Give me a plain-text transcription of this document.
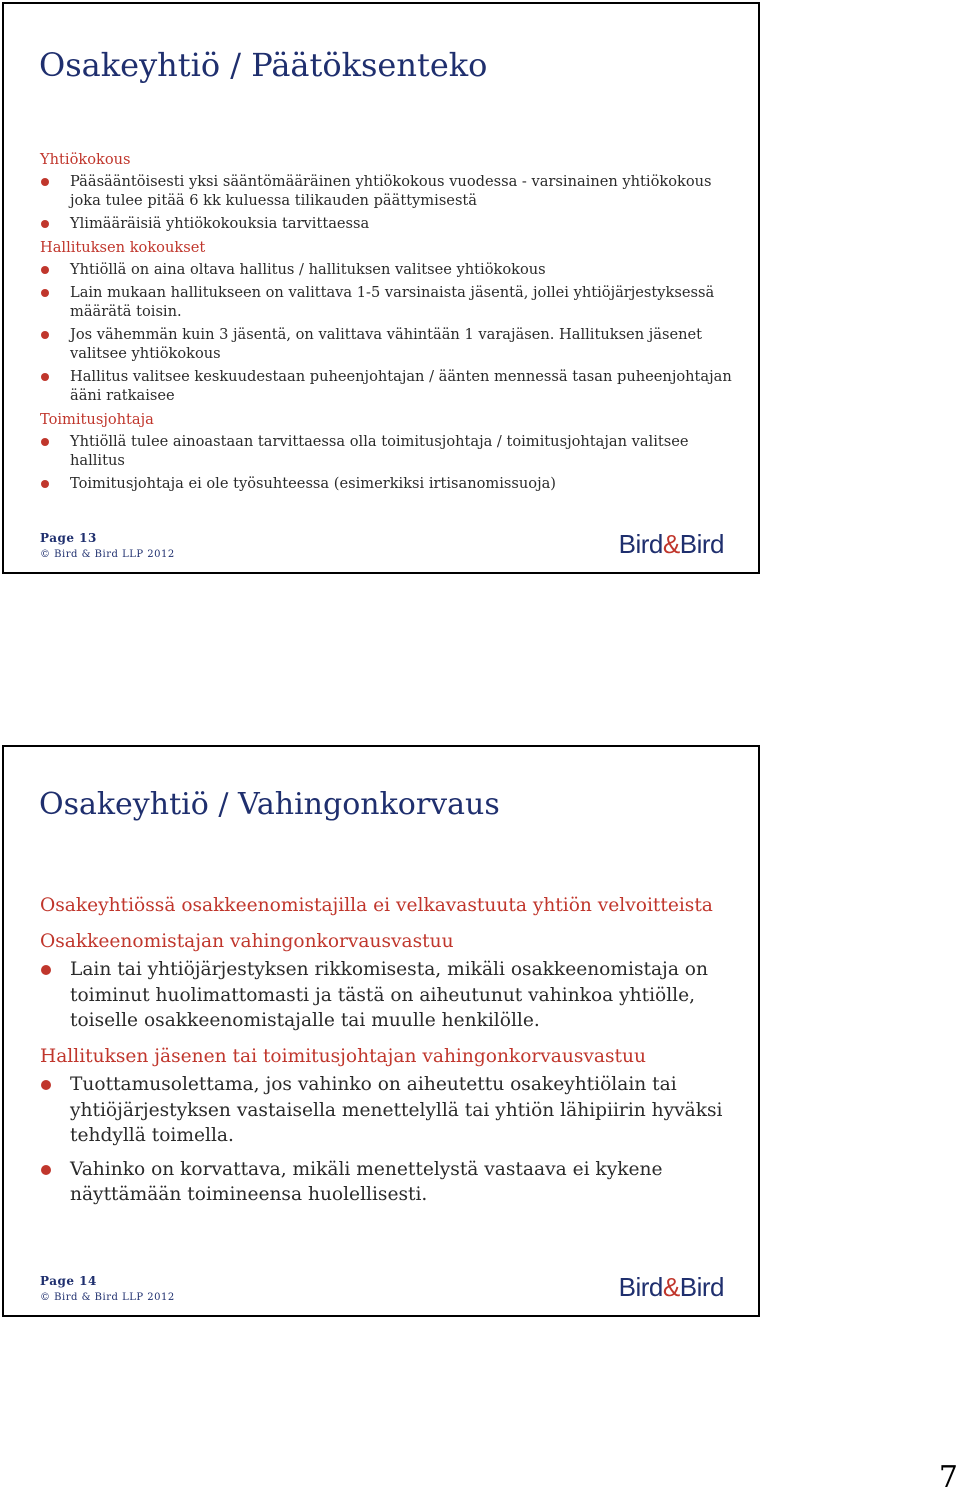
Osakeyhtiö / Päätöksenteko
Yhtiökokous
Pääsääntöisesti yksi sääntömääräinen yhtiökokous vuodessa - varsinainen yhtiökokous joka tulee pitää 6 kk kuluessa tilikauden päättymisestä
Ylimääräisiä yhtiökokouksia tarvittaessa
Hallituksen kokoukset
Yhtiöllä on aina oltava hallitus / hallituksen valitsee yhtiökokous
Lain mukaan hallitukseen on valittava 1-5 varsinaista jäsentä, jollei yhtiöjärjestyksessä määrätä toisin.
Jos vähemmän kuin 3 jäsentä, on valittava vähintään 1 varajäsen. Hallituksen jäsenet valitsee yhtiökokous
Hallitus valitsee keskuudestaan puheenjohtajan / äänten mennessä tasan puheenjohtajan ääni ratkaisee
Toimitusjohtaja
Yhtiöllä tulee ainoastaan tarvittaessa olla toimitusjohtaja / toimitusjohtajan valitsee hallitus
Toimitusjohtaja ei ole työsuhteessa (esimerkiksi irtisanomissuoja)
Page 13
© Bird & Bird LLP 2012	Bird&Bird
Osakeyhtiö / Vahingonkorvaus
Osakeyhtiössä osakkeenomistajilla ei velkavastuuta yhtiön velvoitteista
Osakkeenomistajan vahingonkorvausvastuu
Lain tai yhtiöjärjestyksen rikkomisesta, mikäli osakkeenomistaja on toiminut huolimattomasti ja tästä on aiheutunut vahinkoa yhtiölle, toiselle osakkeenomistajalle tai muulle henkilölle.
Hallituksen jäsenen tai toimitusjohtajan vahingonkorvausvastuu
Tuottamusolettama, jos vahinko on aiheutettu osakeyhtiölain tai yhtiöjärjestyksen vastaisella menettelyllä tai yhtiön lähipiirin hyväksi tehdyllä toimella.
Vahinko on korvattava, mikäli menettelystä vastaava ei kykene näyttämään toimineensa huolellisesti.
Page 14
© Bird & Bird LLP 2012	Bird&Bird
7
